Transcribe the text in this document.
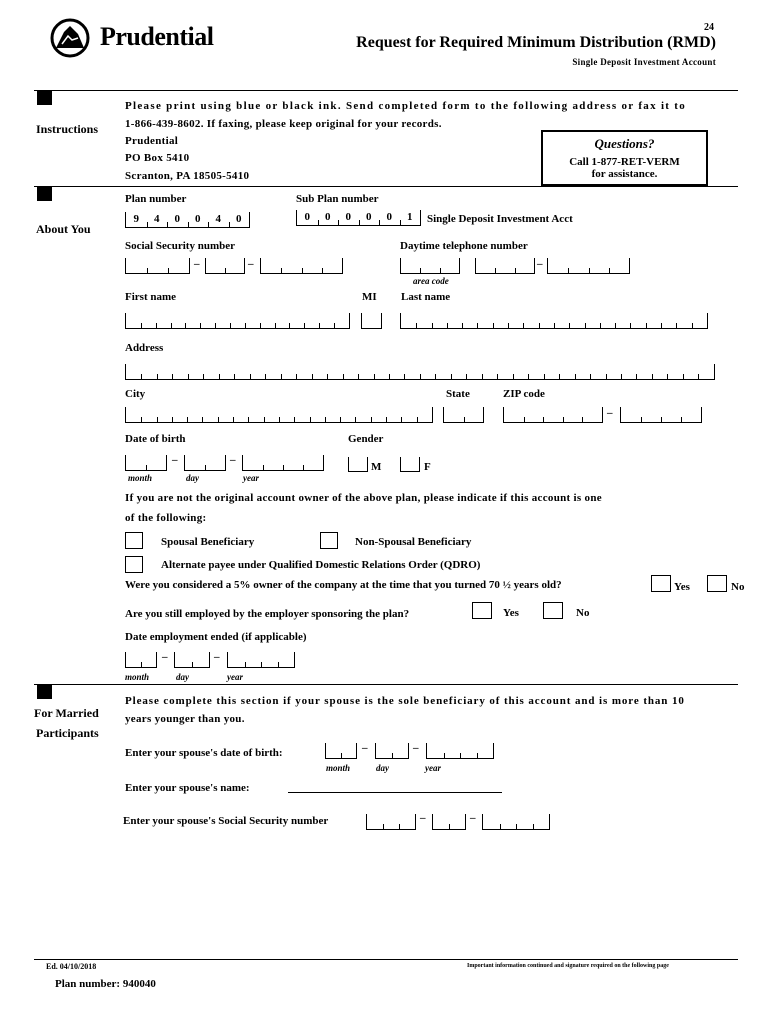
Prudential	24
Request for Required Minimum Distribution (RMD)
Single Deposit Investment Account
Instructions
Please print using blue or black ink. Send completed form to the following address or fax it to
1-866-439-8602. If faxing, please keep original for your records.
Prudential
PO Box 5410
Scranton, PA 18505-5410
Questions?
Call 1-877-RET-VERM
for assistance.
About You
Plan number
9	4	0	0	4	0
Sub Plan number
0	0	0	0	0	1	Single Deposit Investment Acct
Social Security number
–	–
Daytime telephone number
–
area code
First name	MI Last name
Address
City	State	ZIP code
–
Date of birth	Gender
–	–
month	day	year
M	F
If you are not the original account owner of the above plan, please indicate if this account is one
of the following:
Spousal Beneficiary	Non-Spousal Beneficiary
Alternate payee under Qualified Domestic Relations Order (QDRO)
Were you considered a 5% owner of the company at the time that you turned 70 ½ years old?	Yes	No
Are you still employed by the employer sponsoring the plan?	Yes	No
Date employment ended (if applicable)
–	–
month	day	year
For Married
Participants
Please complete this section if your spouse is the sole beneficiary of this account and is more than 10
years younger than you.
Enter your spouse's date of birth:	–	–
month	day	year
Enter your spouse's name:
Enter your spouse's Social Security number	–	–
Ed. 04/10/2018	Important information continued and signature required on the following page
Plan number: 940040
